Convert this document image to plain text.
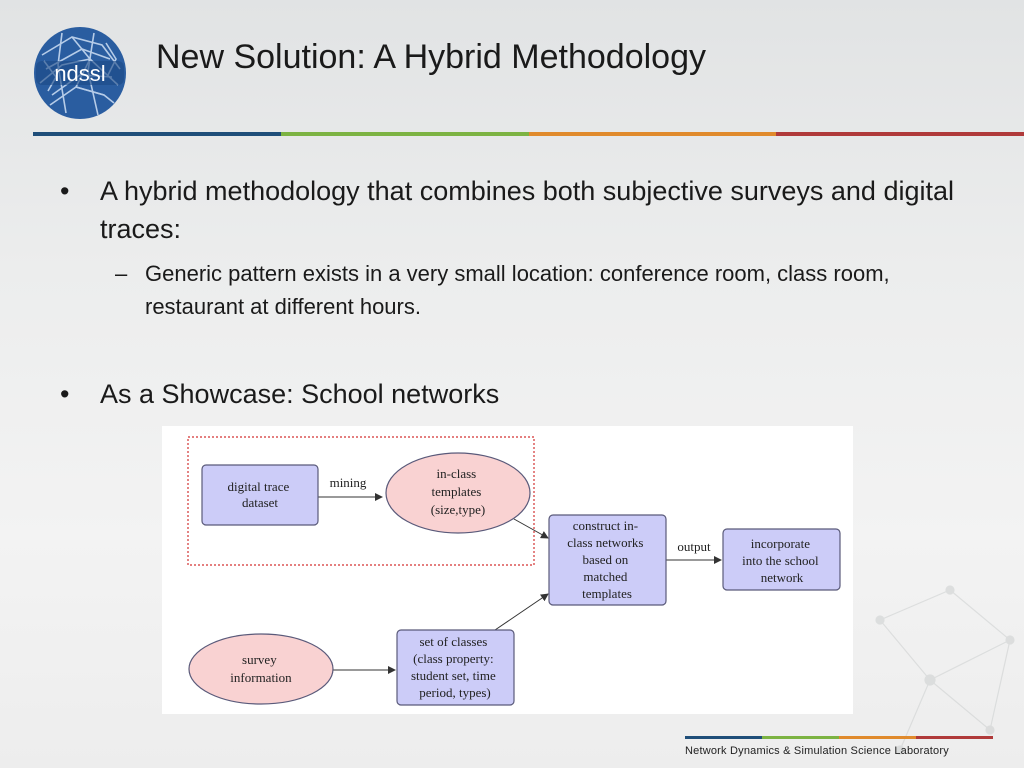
ndssl New Solution: A Hybrid Methodology
• A hybrid methodology that combines both subjective surveys and digital traces:
– Generic pattern exists in a very small location: conference room, class room, restaurant at different hours.
• As a Showcase: School networks
mining
output
digital trace dataset
in-class templates (size,type)
construct in- class networks based on matched templates
incorporate into the school network
survey information
set of classes (class property: student set, time period, types)
Network Dynamics & Simulation Science Laboratory
